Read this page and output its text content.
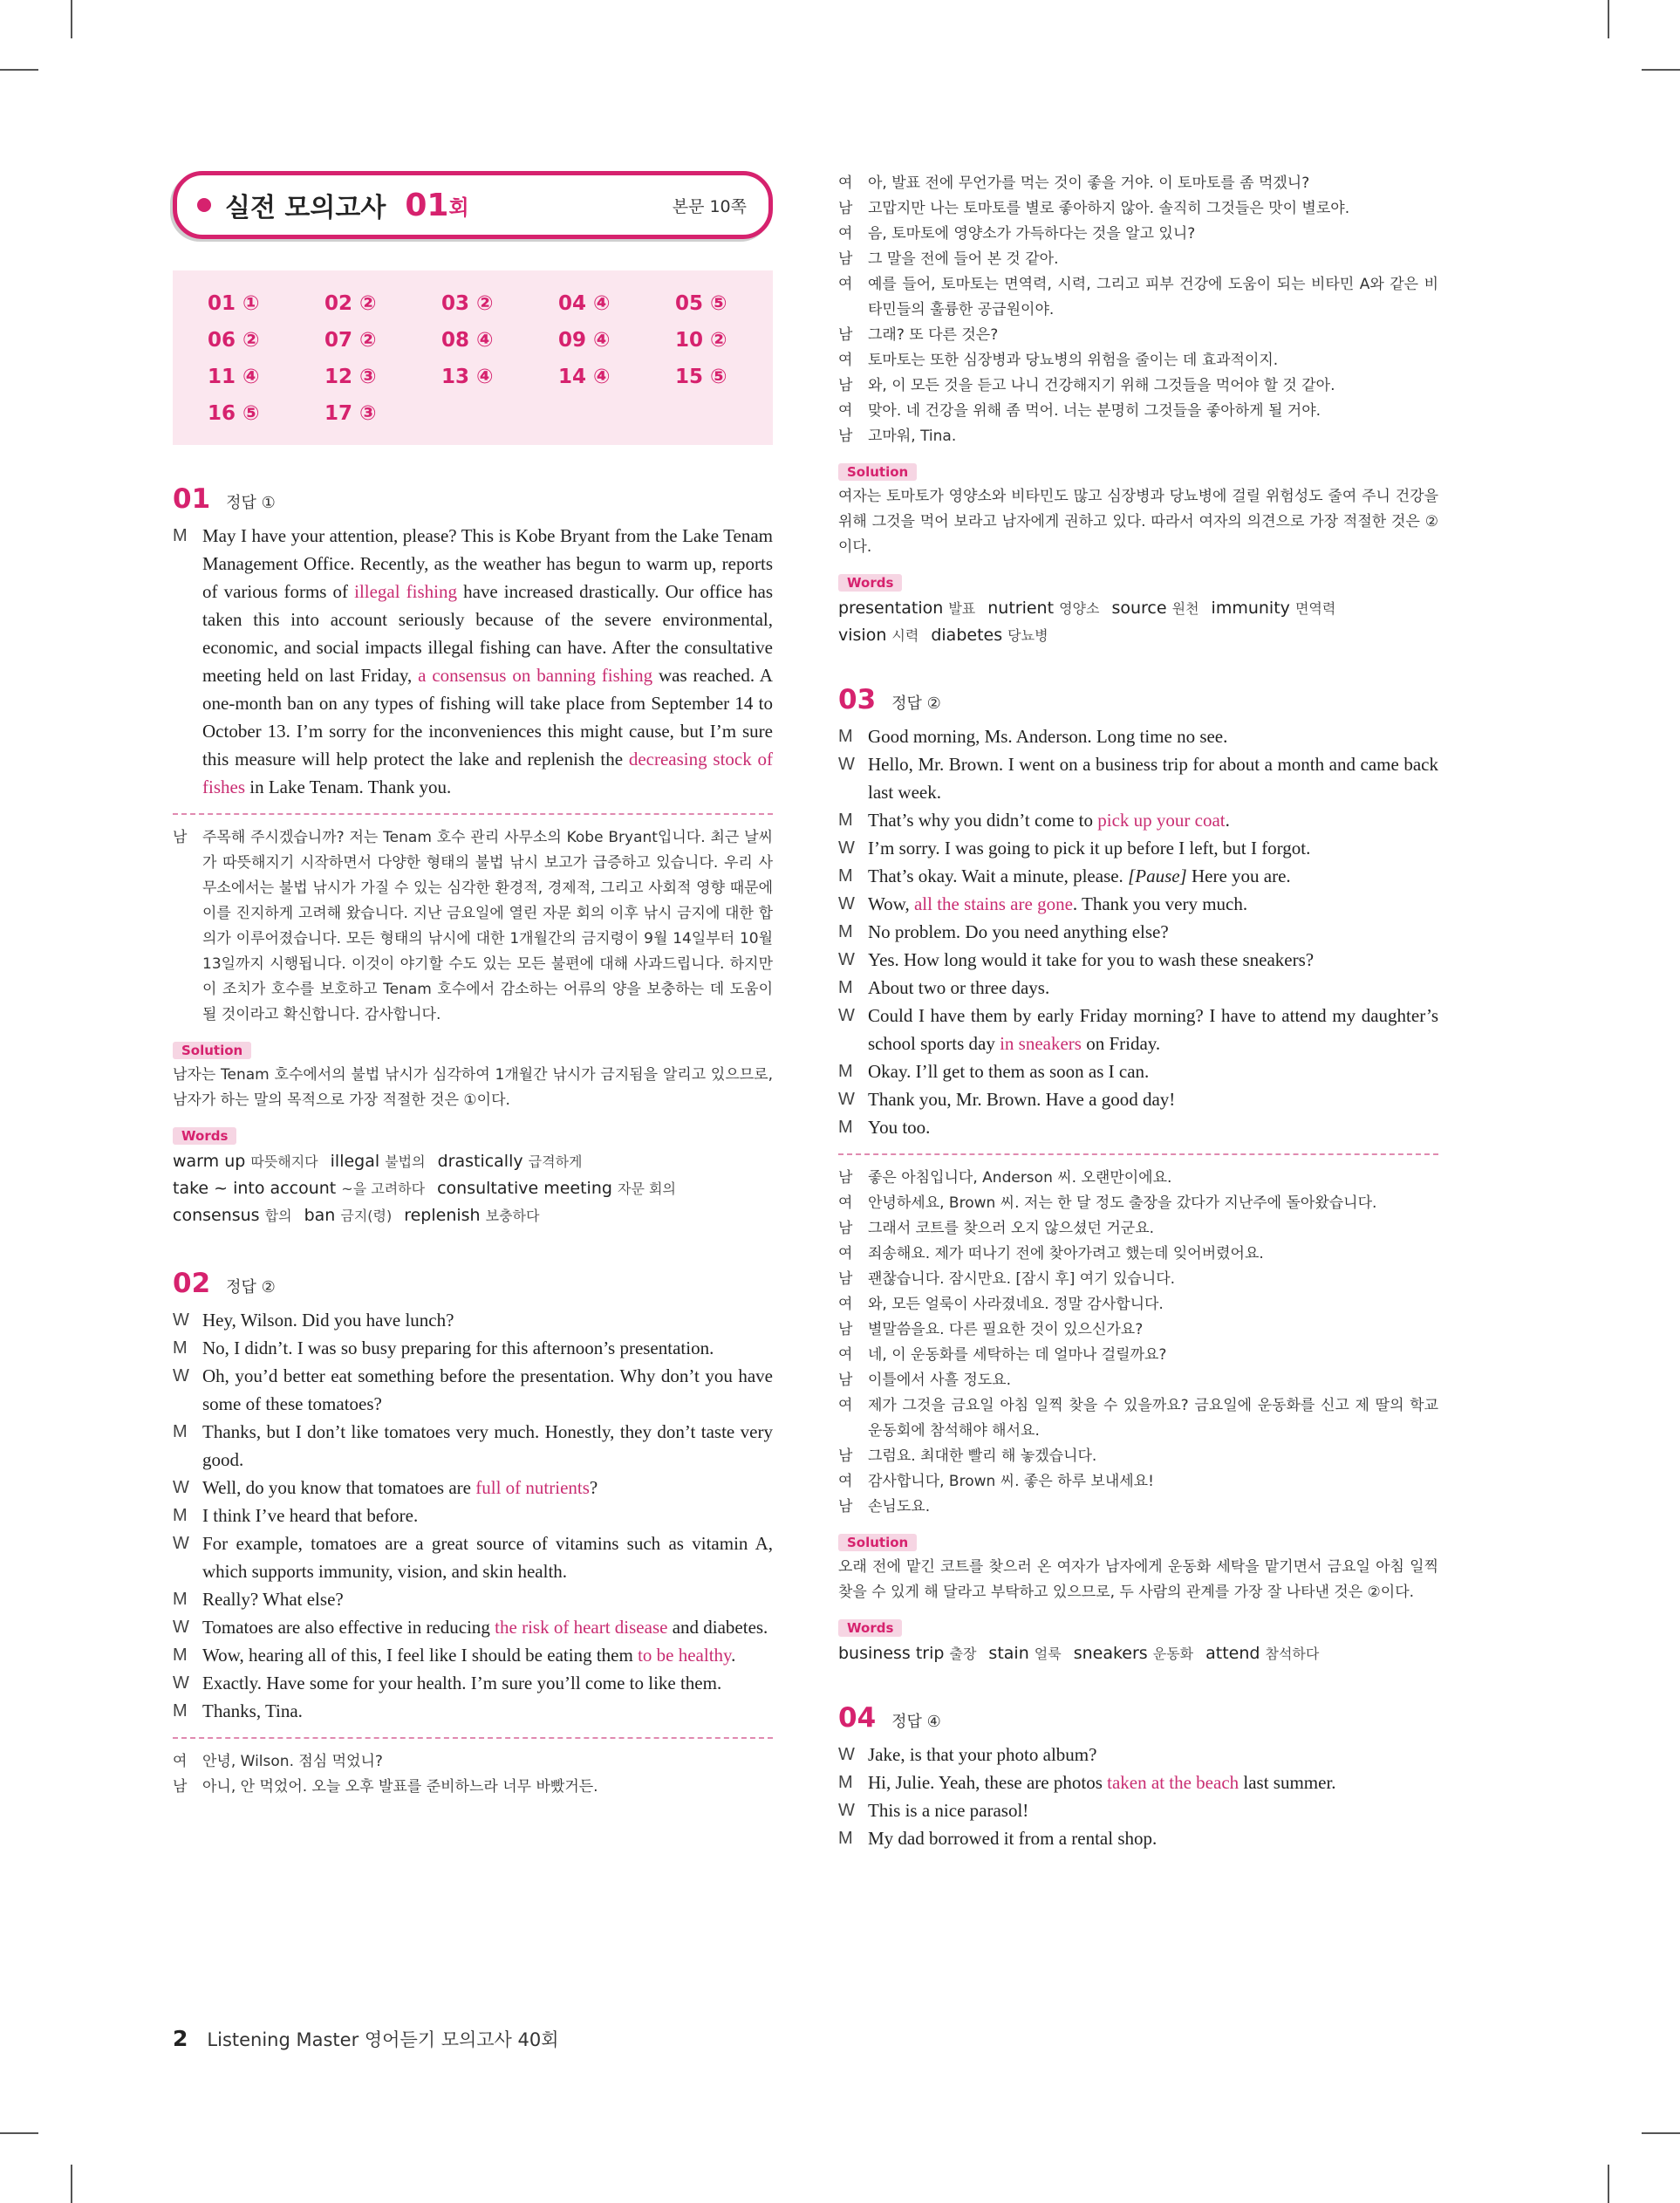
실전 모의고사 01 회	본문 10쪽
01 ①	02 ②	03 ②	04 ④	05 ⑤
06 ②	07 ②	08 ④	09 ④	10 ②
11 ④	12 ③	13 ④	14 ④	15 ⑤
16 ⑤	17 ③
01 정답 ①
M May I have your attention, please? This is Kobe Bryant from the Lake Tenam Management Office. Recently, as the weather has begun to warm up, reports of various forms of illegal fishing have increased drastically. Our office has taken this into account seriously because of the severe environmental, economic, and social impacts illegal fishing can have. After the consultative meeting held on last Friday, a consensus on banning fishing was reached. A one-month ban on any types of fishing will take place from September 14 to October 13. I’m sorry for the inconveniences this might cause, but I’m sure this measure will help protect the lake and replenish the decreasing stock of fishes in Lake Tenam. Thank you.
남	주목해 주시겠습니까? 저는 Tenam 호수 관리 사무소의 Kobe Bryant입니다. 최근 날씨가 따뜻해지기 시작하면서 다양한 형태의 불법 낚시 보고가 급증하고 있습니다. 우리 사무소에서는 불법 낚시가 가질 수 있는 심각한 환경적, 경제적, 그리고 사회적 영향 때문에 이를 진지하게 고려해 왔습니다. 지난 금요일에 열린 자문 회의 이후 낚시 금지에 대한 합의가 이루어졌습니다. 모든 형태의 낚시에 대한 1개월간의 금지령이 9월 14일부터 10월 13일까지 시행됩니다. 이것이 야기할 수도 있는 모든 불편에 대해 사과드립니다. 하지만 이 조치가 호수를 보호하고 Tenam 호수에서 감소하는 어류의 양을 보충하는 데 도움이 될 것이라고 확신합니다. 감사합니다.
Solution
남자는 Tenam 호수에서의 불법 낚시가 심각하여 1개월간 낚시가 금지됨을 알리고 있으므로, 남자가 하는 말의 목적으로 가장 적절한 것은 ①이다.
Words
warm up 따뜻해지다 illegal 불법의 drastically 급격하게
take ~ into account ~을 고려하다 consultative meeting 자문 회의
consensus 합의 ban 금지(령) replenish 보충하다
02 정답 ②
W Hey, Wilson. Did you have lunch?
M No, I didn’t. I was so busy preparing for this afternoon’s presentation.
W Oh, you’d better eat something before the presentation. Why don’t you have some of these tomatoes?
M Thanks, but I don’t like tomatoes very much. Honestly, they don’t taste very good.
W Well, do you know that tomatoes are full of nutrients?
M I think I’ve heard that before.
W For example, tomatoes are a great source of vitamins such as vitamin A, which supports immunity, vision, and skin health.
M Really? What else?
W Tomatoes are also effective in reducing the risk of heart disease and diabetes.
M Wow, hearing all of this, I feel like I should be eating them to be healthy.
W Exactly. Have some for your health. I’m sure you’ll come to like them.
M Thanks, Tina.
여	안녕, Wilson. 점심 먹었니?
남	아니, 안 먹었어. 오늘 오후 발표를 준비하느라 너무 바빴거든.
여	아, 발표 전에 무언가를 먹는 것이 좋을 거야. 이 토마토를 좀 먹겠니?
남	고맙지만 나는 토마토를 별로 좋아하지 않아. 솔직히 그것들은 맛이 별로야.
여	음, 토마토에 영양소가 가득하다는 것을 알고 있니?
남	그 말을 전에 들어 본 것 같아.
여	예를 들어, 토마토는 면역력, 시력, 그리고 피부 건강에 도움이 되는 비타민 A와 같은 비타민들의 훌륭한 공급원이야.
남	그래? 또 다른 것은?
여	토마토는 또한 심장병과 당뇨병의 위험을 줄이는 데 효과적이지.
남	와, 이 모든 것을 듣고 나니 건강해지기 위해 그것들을 먹어야 할 것 같아.
여	맞아. 네 건강을 위해 좀 먹어. 너는 분명히 그것들을 좋아하게 될 거야.
남	고마워, Tina.
Solution
여자는 토마토가 영양소와 비타민도 많고 심장병과 당뇨병에 걸릴 위험성도 줄여 주니 건강을 위해 그것을 먹어 보라고 남자에게 권하고 있다. 따라서 여자의 의견으로 가장 적절한 것은 ②이다.
Words
presentation 발표 nutrient 영양소 source 원천 immunity 면역력
vision 시력 diabetes 당뇨병
03 정답 ②
M Good morning, Ms. Anderson. Long time no see.
W Hello, Mr. Brown. I went on a business trip for about a month and came back last week.
M That’s why you didn’t come to pick up your coat.
W I’m sorry. I was going to pick it up before I left, but I forgot.
M That’s okay. Wait a minute, please. [Pause] Here you are.
W Wow, all the stains are gone. Thank you very much.
M No problem. Do you need anything else?
W Yes. How long would it take for you to wash these sneakers?
M About two or three days.
W Could I have them by early Friday morning? I have to attend my daughter’s school sports day in sneakers on Friday.
M Okay. I’ll get to them as soon as I can.
W Thank you, Mr. Brown. Have a good day!
M You too.
남	좋은 아침입니다, Anderson 씨. 오랜만이에요.
여	안녕하세요, Brown 씨. 저는 한 달 정도 출장을 갔다가 지난주에 돌아왔습니다.
남	그래서 코트를 찾으러 오지 않으셨던 거군요.
여	죄송해요. 제가 떠나기 전에 찾아가려고 했는데 잊어버렸어요.
남	괜찮습니다. 잠시만요. [잠시 후] 여기 있습니다.
여	와, 모든 얼룩이 사라졌네요. 정말 감사합니다.
남	별말씀을요. 다른 필요한 것이 있으신가요?
여	네, 이 운동화를 세탁하는 데 얼마나 걸릴까요?
남	이틀에서 사흘 정도요.
여	제가 그것을 금요일 아침 일찍 찾을 수 있을까요? 금요일에 운동화를 신고 제 딸의 학교 운동회에 참석해야 해서요.
남	그럼요. 최대한 빨리 해 놓겠습니다.
여	감사합니다, Brown 씨. 좋은 하루 보내세요!
남	손님도요.
Solution
오래 전에 맡긴 코트를 찾으러 온 여자가 남자에게 운동화 세탁을 맡기면서 금요일 아침 일찍 찾을 수 있게 해 달라고 부탁하고 있으므로, 두 사람의 관계를 가장 잘 나타낸 것은 ②이다.
Words
business trip 출장 stain 얼룩 sneakers 운동화 attend 참석하다
04 정답 ④
W Jake, is that your photo album?
M Hi, Julie. Yeah, these are photos taken at the beach last summer.
W This is a nice parasol!
M My dad borrowed it from a rental shop.
2 Listening Master 영어듣기 모의고사 40회
